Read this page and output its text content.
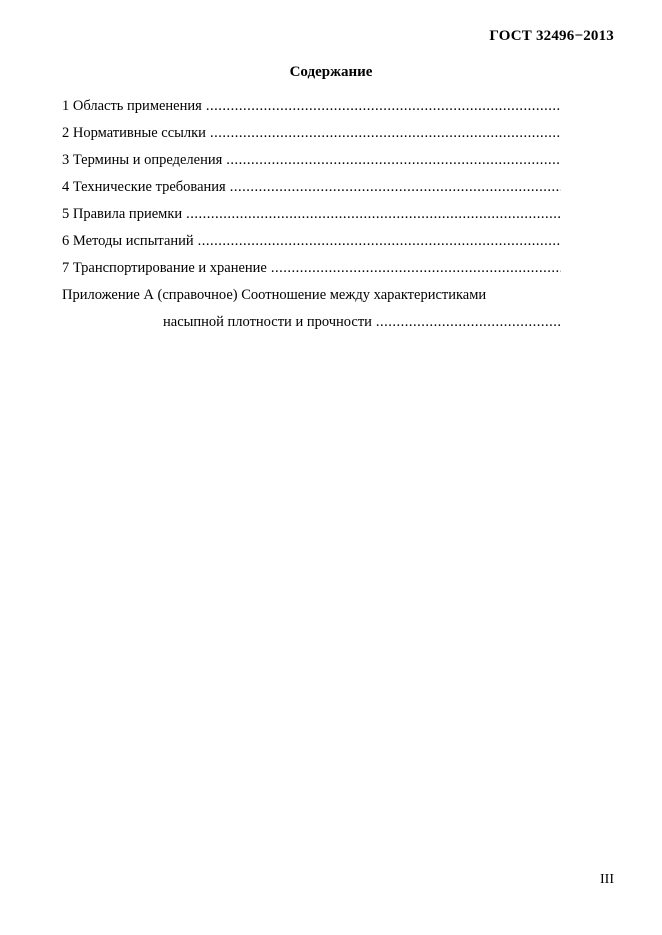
ГОСТ 32496−2013
Содержание
1 Область применения
.....
2 Нормативные ссылки
.....
3 Термины и определения
.....
4 Технические требования
.....
5 Правила приемки
.....
6 Методы испытаний
.....
7 Транспортирование и хранение
.....
Приложение А (справочное) Соотношение между характеристиками
насыпной плотности и прочности
.....
III
